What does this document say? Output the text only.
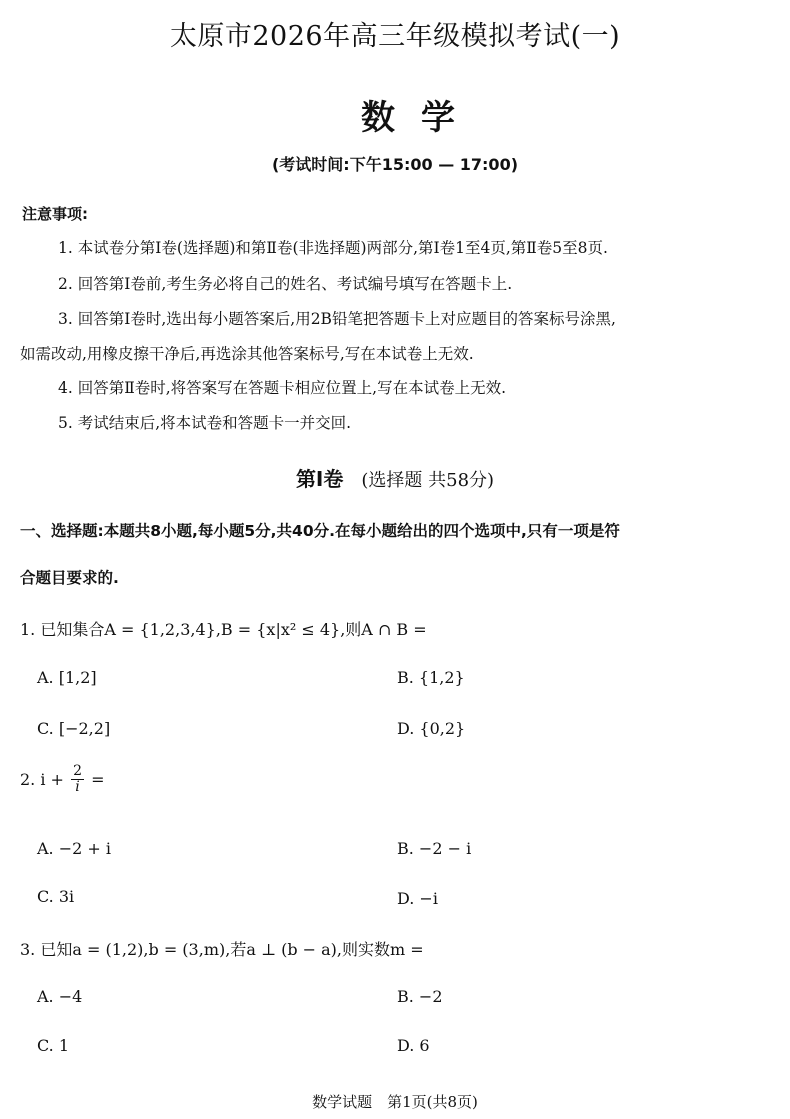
太原市2026年高三年级模拟考试(一)
数学
(考试时间:下午15:00 — 17:00)
注意事项:
1. 本试卷分第Ⅰ卷(选择题)和第Ⅱ卷(非选择题)两部分,第Ⅰ卷1至4页,第Ⅱ卷5至8页.
2. 回答第Ⅰ卷前,考生务必将自己的姓名、考试编号填写在答题卡上.
3. 回答第Ⅰ卷时,选出每小题答案后,用2B铅笔把答题卡上对应题目的答案标号涂黑,
如需改动,用橡皮擦干净后,再选涂其他答案标号,写在本试卷上无效.
4. 回答第Ⅱ卷时,将答案写在答题卡相应位置上,写在本试卷上无效.
5. 考试结束后,将本试卷和答题卡一并交回.
第Ⅰ卷 (选择题 共58分)
一、选择题:本题共8小题,每小题5分,共40分.在每小题给出的四个选项中,只有一项是符
合题目要求的.
1. 已知集合A = {1,2,3,4},B = {x|x² ≤ 4},则A ∩ B =
A. [1,2]	B. {1,2}
C. [−2,2]	D. {0,2}
2. $i + \frac{2}{i}$ =
A. −2 + i	B. −2 − i
C. 3i	D. −i
3. 已知a = (1,2),b = (3,m),若a ⊥ (b − a),则实数m =
A. −4	B. −2
C. 1	D. 6
数学试题　第1页(共8页)
